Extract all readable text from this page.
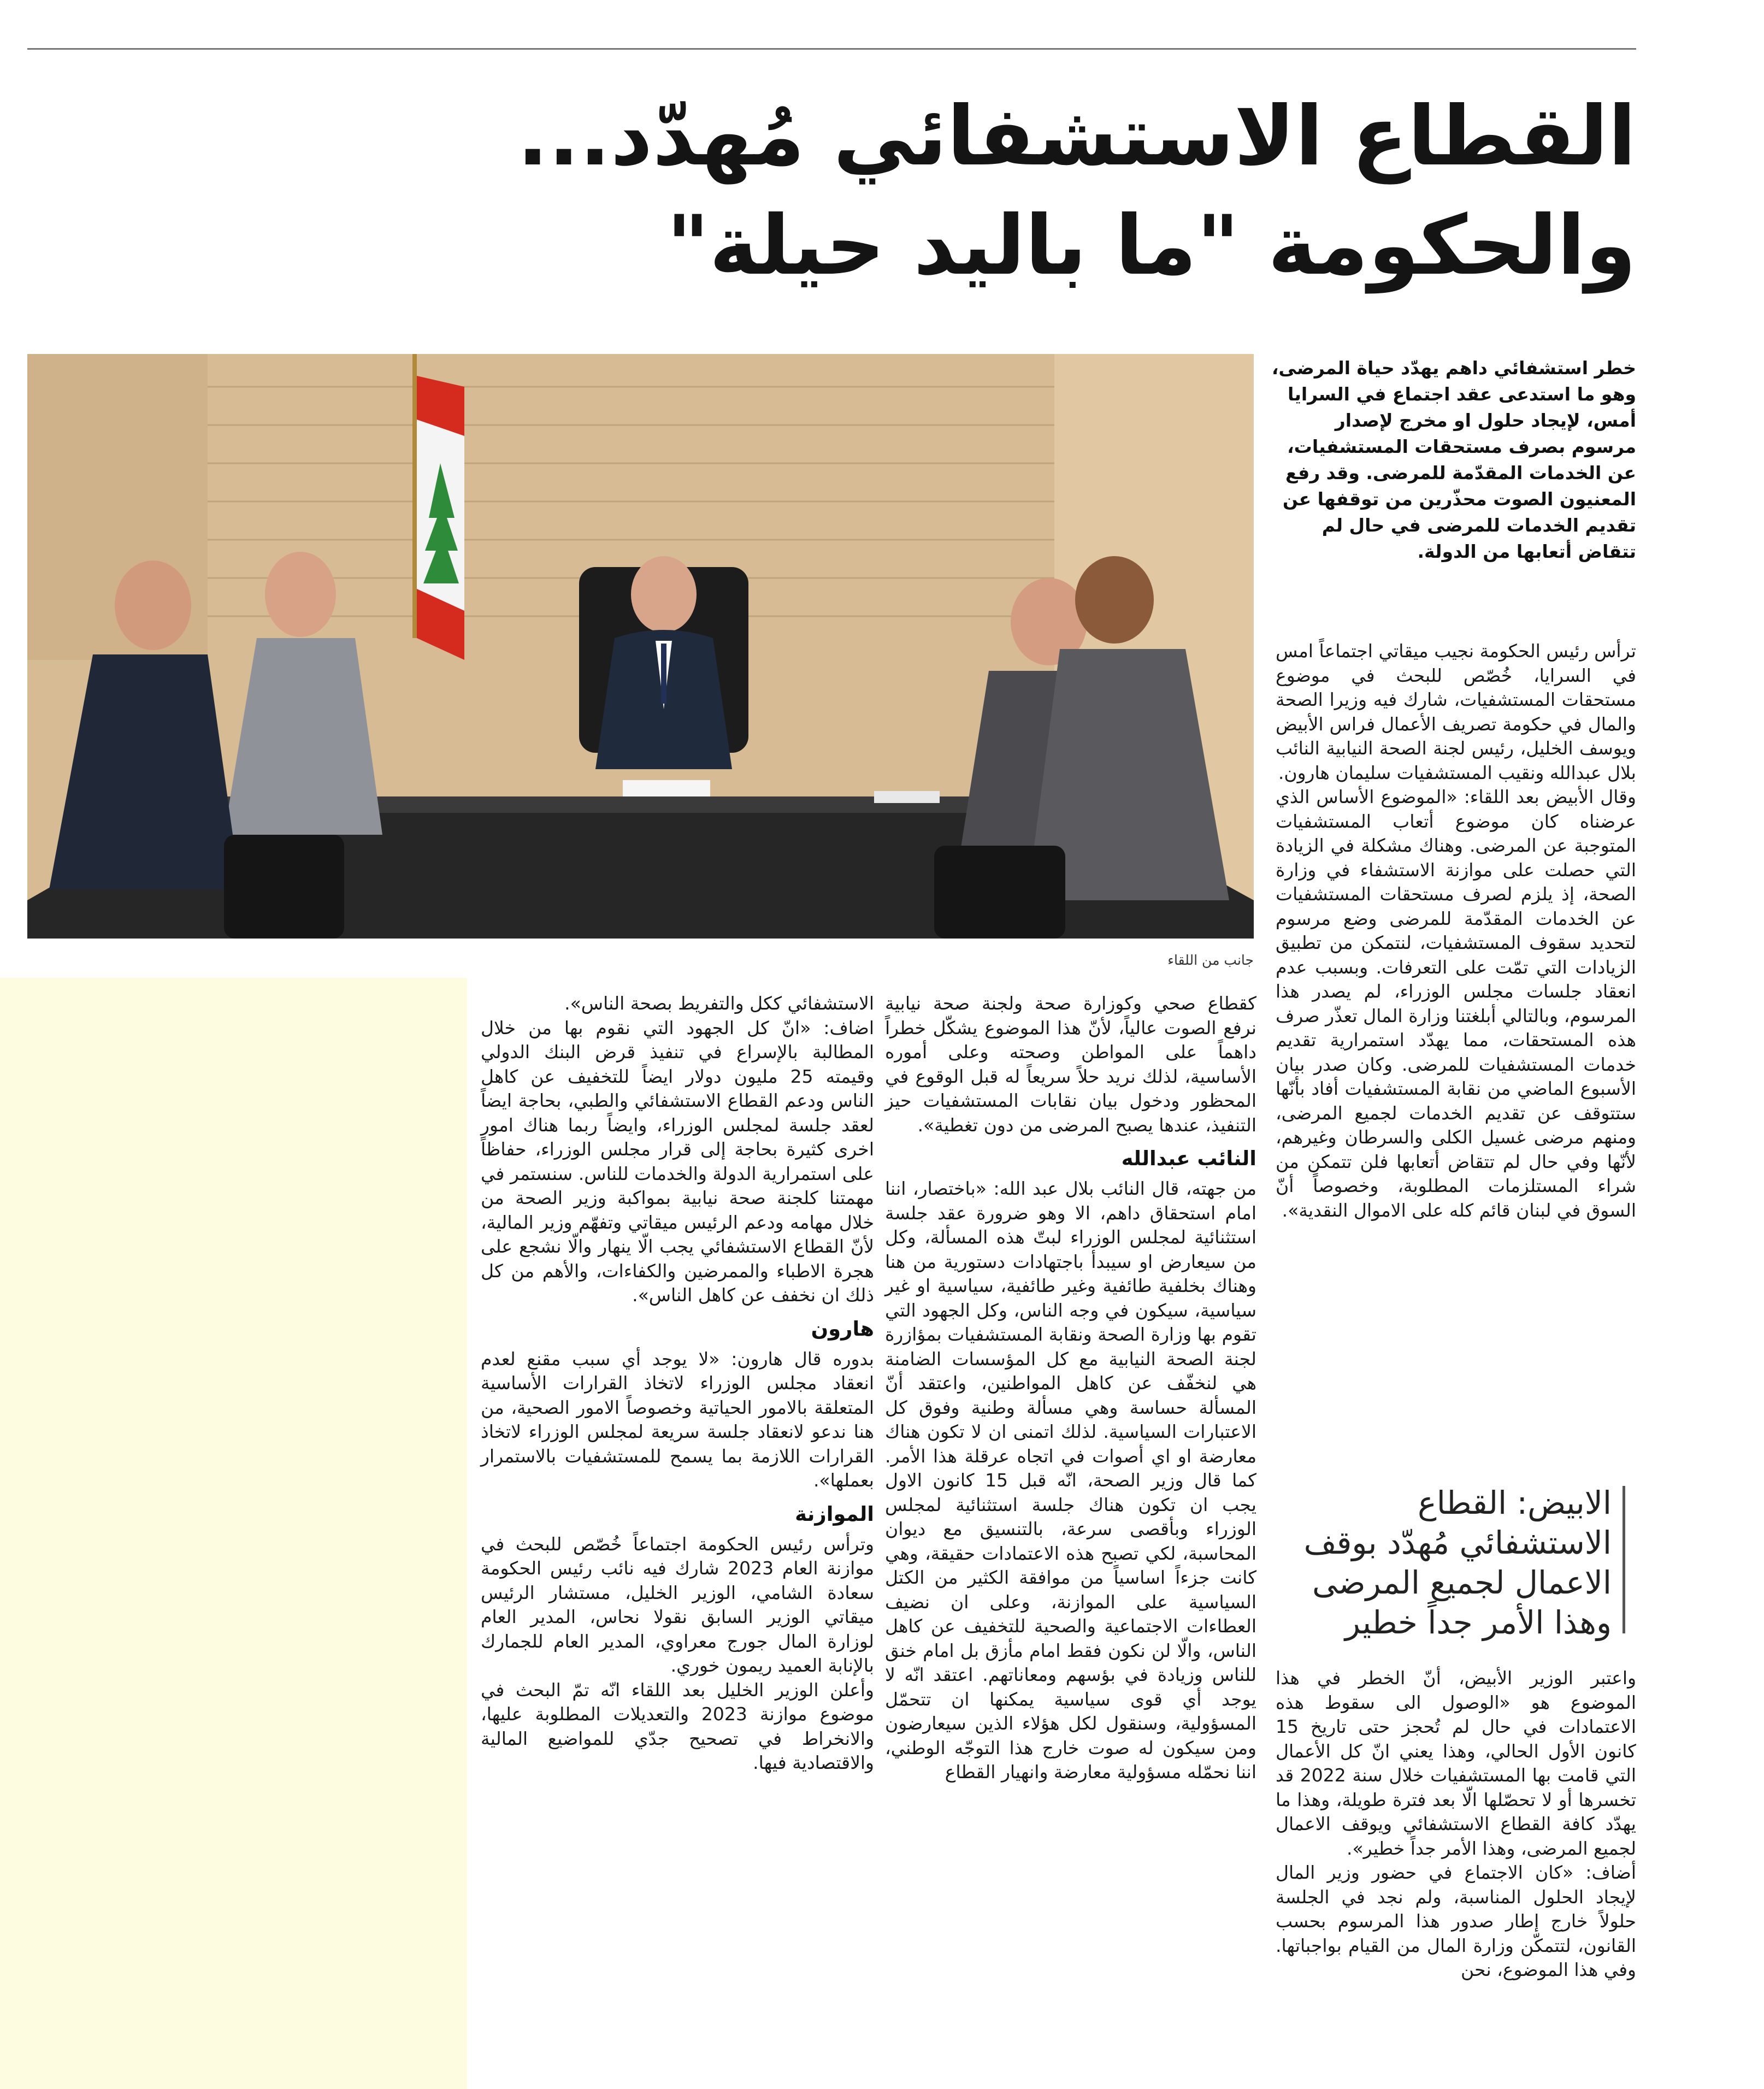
القطاع الاستشفائي مُهدّد...
والحكومة "ما باليد حيلة"
جانب من اللقاء
خطر استشفائي داهم يهدّد حياة المرضى، وهو ما استدعى عقد اجتماع في السرايا أمس، لإيجاد حلول او مخرج لإصدار مرسوم بصرف مستحقات المستشفيات، عن الخدمات المقدّمة للمرضى. وقد رفع المعنيون الصوت محذّرين من توقفها عن تقديم الخدمات للمرضى في حال لم تتقاض أتعابها من الدولة.

ترأس رئيس الحكومة نجيب ميقاتي اجتماعاً امس في السرايا، خُصّص للبحث في موضوع مستحقات المستشفيات، شارك فيه وزيرا الصحة والمال في حكومة تصريف الأعمال فراس الأبيض ويوسف الخليل، رئيس لجنة الصحة النيابية النائب بلال عبدالله ونقيب المستشفيات سليمان هارون.

وقال الأبيض بعد اللقاء: «الموضوع الأساس الذي عرضناه كان موضوع أتعاب المستشفيات المتوجبة عن المرضى. وهناك مشكلة في الزيادة التي حصلت على موازنة الاستشفاء في وزارة الصحة، إذ يلزم لصرف مستحقات المستشفيات عن الخدمات المقدّمة للمرضى وضع مرسوم لتحديد سقوف المستشفيات، لنتمكن من تطبيق الزيادات التي تمّت على التعرفات. وبسبب عدم انعقاد جلسات مجلس الوزراء، لم يصدر هذا المرسوم، وبالتالي أبلغتنا وزارة المال تعذّر صرف هذه المستحقات، مما يهدّد استمرارية تقديم خدمات المستشفيات للمرضى. وكان صدر بيان الأسبوع الماضي من نقابة المستشفيات أفاد بأنّها ستتوقف عن تقديم الخدمات لجميع المرضى، ومنهم مرضى غسيل الكلى والسرطان وغيرهم، لأنّها وفي حال لم تتقاض أتعابها فلن تتمكن من شراء المستلزمات المطلوبة، وخصوصاً أنّ السوق في لبنان قائم كله على الاموال النقدية».

الابيض: القطاع الاستشفائي مُهدّد بوقف الاعمال لجميع المرضى وهذا الأمر جداً خطير

واعتبر الوزير الأبيض، أنّ الخطر في هذا الموضوع هو «الوصول الى سقوط هذه الاعتمادات في حال لم تُحجز حتى تاريخ 15 كانون الأول الحالي، وهذا يعني انّ كل الأعمال التي قامت بها المستشفيات خلال سنة 2022 قد تخسرها أو لا تحصّلها الّا بعد فترة طويلة، وهذا ما يهدّد كافة القطاع الاستشفائي ويوقف الاعمال لجميع المرضى، وهذا الأمر جداً خطير».

أضاف: «كان الاجتماع في حضور وزير المال لإيجاد الحلول المناسبة، ولم نجد في الجلسة حلولاً خارج إطار صدور هذا المرسوم بحسب القانون، لتتمكّن وزارة المال من القيام بواجباتها. وفي هذا الموضوع، نحن

كقطاع صحي وكوزارة صحة ولجنة صحة نيابية نرفع الصوت عالياً، لأنّ هذا الموضوع يشكّل خطراً داهماً على المواطن وصحته وعلى أموره الأساسية، لذلك نريد حلاً سريعاً له قبل الوقوع في المحظور ودخول بيان نقابات المستشفيات حيز التنفيذ، عندها يصبح المرضى من دون تغطية».

النائب عبدالله

من جهته، قال النائب بلال عبد الله: «باختصار، اننا امام استحقاق داهم، الا وهو ضرورة عقد جلسة استثنائية لمجلس الوزراء لبتّ هذه المسألة، وكل من سيعارض او سيبدأ باجتهادات دستورية من هنا وهناك بخلفية طائفية وغير طائفية، سياسية او غير سياسية، سيكون في وجه الناس، وكل الجهود التي تقوم بها وزارة الصحة ونقابة المستشفيات بمؤازرة لجنة الصحة النيابية مع كل المؤسسات الضامنة هي لنخفّف عن كاهل المواطنين، واعتقد أنّ المسألة حساسة وهي مسألة وطنية وفوق كل الاعتبارات السياسية. لذلك اتمنى ان لا تكون هناك معارضة او اي أصوات في اتجاه عرقلة هذا الأمر. كما قال وزير الصحة، انّه قبل 15 كانون الاول يجب ان تكون هناك جلسة استثنائية لمجلس الوزراء وبأقصى سرعة، بالتنسيق مع ديوان المحاسبة، لكي تصبح هذه الاعتمادات حقيقة، وهي كانت جزءاً اساسياً من موافقة الكثير من الكتل السياسية على الموازنة، وعلى ان نضيف العطاءات الاجتماعية والصحية للتخفيف عن كاهل الناس، والّا لن نكون فقط امام مأزق بل امام خنق للناس وزيادة في بؤسهم ومعاناتهم. اعتقد انّه لا يوجد أي قوى سياسية يمكنها ان تتحمّل المسؤولية، وسنقول لكل هؤلاء الذين سيعارضون ومن سيكون له صوت خارج هذا التوجّه الوطني، اننا نحمّله مسؤولية معارضة وانهيار القطاع

الاستشفائي ككل والتفريط بصحة الناس».

اضاف: «انّ كل الجهود التي نقوم بها من خلال المطالبة بالإسراع في تنفيذ قرض البنك الدولي وقيمته 25 مليون دولار ايضاً للتخفيف عن كاهل الناس ودعم القطاع الاستشفائي والطبي، بحاجة ايضاً لعقد جلسة لمجلس الوزراء، وايضاً ربما هناك امور اخرى كثيرة بحاجة إلى قرار مجلس الوزراء، حفاظاً على استمرارية الدولة والخدمات للناس. سنستمر في مهمتنا كلجنة صحة نيابية بمواكبة وزير الصحة من خلال مهامه ودعم الرئيس ميقاتي وتفهّم وزير المالية، لأنّ القطاع الاستشفائي يجب الّا ينهار والّا نشجع على هجرة الاطباء والممرضين والكفاءات، والأهم من كل ذلك ان نخفف عن كاهل الناس».

هارون

بدوره قال هارون: «لا يوجد أي سبب مقنع لعدم انعقاد مجلس الوزراء لاتخاذ القرارات الأساسية المتعلقة بالامور الحياتية وخصوصاً الامور الصحية، من هنا ندعو لانعقاد جلسة سريعة لمجلس الوزراء لاتخاذ القرارات اللازمة بما يسمح للمستشفيات بالاستمرار بعملها».

الموازنة

وترأس رئيس الحكومة اجتماعاً خُصّص للبحث في موازنة العام 2023 شارك فيه نائب رئيس الحكومة سعادة الشامي، الوزير الخليل، مستشار الرئيس ميقاتي الوزير السابق نقولا نحاس، المدير العام لوزارة المال جورج معراوي، المدير العام للجمارك بالإنابة العميد ريمون خوري.

وأعلن الوزير الخليل بعد اللقاء انّه تمّ البحث في موضوع موازنة 2023 والتعديلات المطلوبة عليها، والانخراط في تصحيح جدّي للمواضيع المالية والاقتصادية فيها.
